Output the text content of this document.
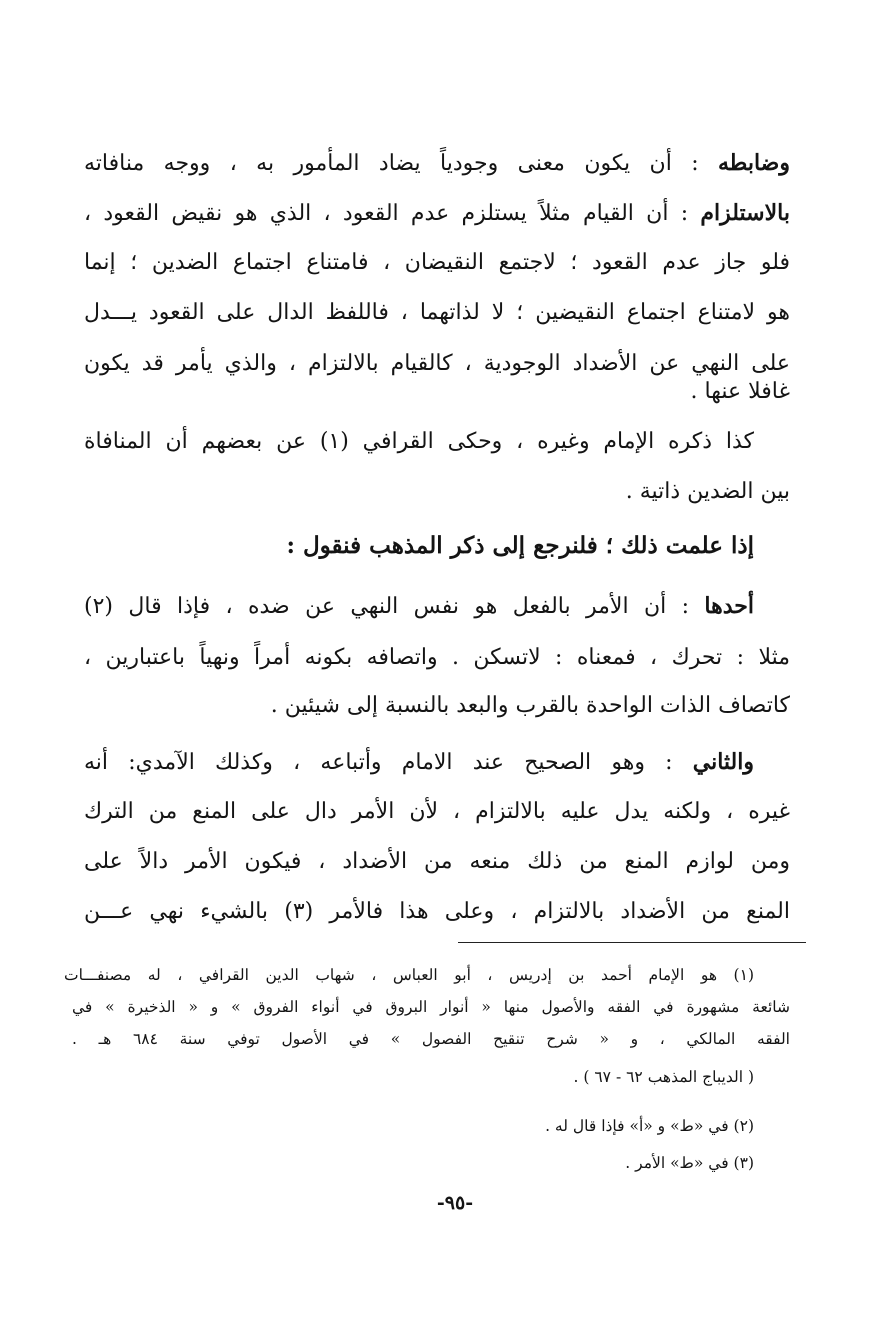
وضابطه : أن يكون معنى وجودياً يضاد المأمور به ، ووجه منافاته
بالاستلزام : أن القيام مثلاً يستلزم عدم القعود ، الذي هو نقيض القعود ،
فلو جاز عدم القعود ؛ لاجتمع النقيضان ، فامتناع اجتماع الضدين ؛ إنما
هو لامتناع اجتماع النقيضين ؛ لا لذاتهما ، فاللفظ الدال على القعود يـــدل
على النهي عن الأضداد الوجودية ، كالقيام بالالتزام ، والذي يأمر قد يكون
غافلا عنها .
كذا ذكره الإمام وغيره ، وحكى القرافي (١) عن بعضهم أن المنافاة
بين الضدين ذاتية .
إذا علمت ذلك ؛ فلنرجع إلى ذكر المذهب فنقول :
أحدها : أن الأمر بالفعل هو نفس النهي عن ضده ، فإذا قال (٢)
مثلا : تحرك ، فمعناه : لاتسكن . واتصافه بكونه أمراً ونهياً باعتبارين ،
كاتصاف الذات الواحدة بالقرب والبعد بالنسبة إلى شيئين .
والثاني : وهو الصحيح عند الامام وأتباعه ، وكذلك الآمدي: أنه
غيره ، ولكنه يدل عليه بالالتزام ، لأن الأمر دال على المنع من الترك
ومن لوازم المنع من ذلك منعه من الأضداد ، فيكون الأمر دالاً على
المنع من الأضداد بالالتزام ، وعلى هذا فالأمر (٣) بالشيء نهي عـــن
(١) هو الإمام أحمد بن إدريس ، أبو العباس ، شهاب الدين القرافي ، له مصنفـــات
شائعة مشهورة في الفقه والأصول منها « أنوار البروق في أنواء الفروق » و « الذخيرة » في
الفقه المالكي ، و « شرح تنقيح الفصول » في الأصول توفي سنة ٦٨٤ هـ .
( الديباج المذهب ٦٢ - ٦٧ ) .
(٢) في «ط» و «أ» فإذا قال له .
(٣) في «ط» الأمر .
-٩٥-
